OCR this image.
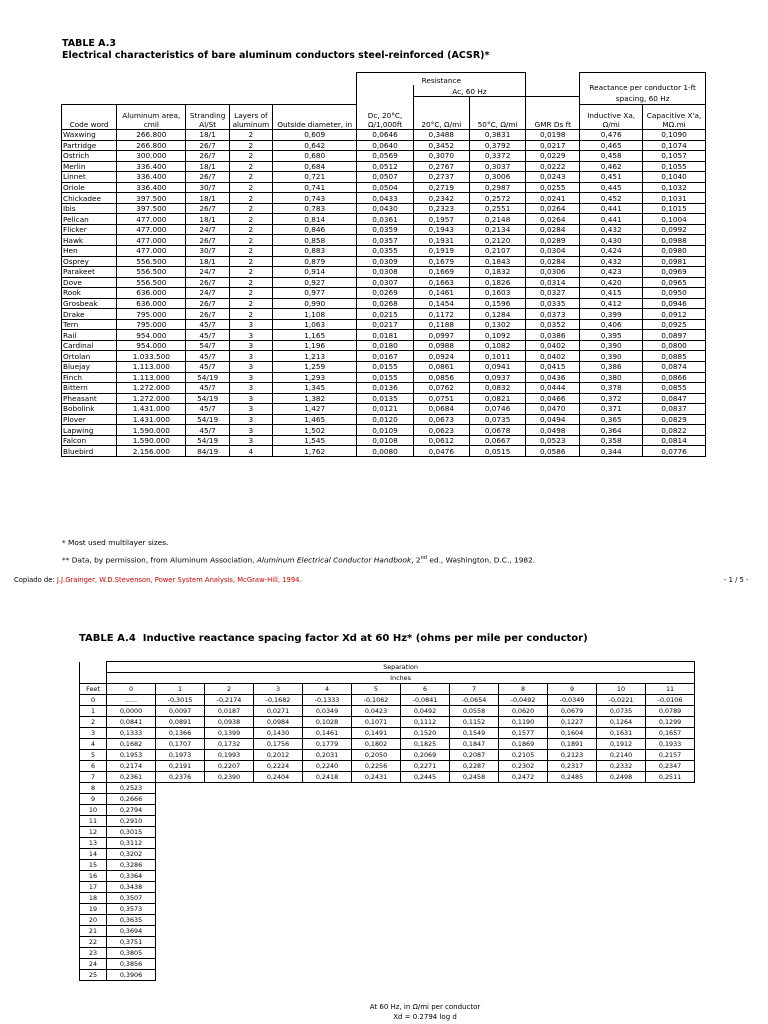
TABLE A.3
Electrical characteristics of bare aluminum conductors steel-reinforced (ACSR)*
					Resistance				Reactance per conductor 1-ft spacing, 60 Hz	
						Ac, 60 Hz				

Code word	Aluminum area, cmil	Stranding Al/St	Layers of aluminum	Outside diameter, in	Dc, 20°C, Ω/1,000ft	20°C, Ω/mi	50°C, Ω/mi	GMR Ds ft	Inductive Xa, Ω/mi	Capacitive X'a, MΩ.mi
Waxwing	266.800	18/1	2	0,609	0,0646	0,3488	0,3831	0,0198	0,476	0,1090
Partridge	266.800	26/7	2	0,642	0,0640	0,3452	0,3792	0,0217	0,465	0,1074
Ostrich	300.000	26/7	2	0,680	0,0569	0,3070	0,3372	0,0229	0,458	0,1057
Merlin	336.400	18/1	2	0,684	0,0512	0,2767	0,3037	0,0222	0,462	0,1055
Linnet	336.400	26/7	2	0,721	0,0507	0,2737	0,3006	0,0243	0,451	0,1040
Oriole	336.400	30/7	2	0,741	0,0504	0,2719	0,2987	0,0255	0,445	0,1032
Chickadee	397.500	18/1	2	0,743	0,0433	0,2342	0,2572	0,0241	0,452	0,1031
Ibis	397.500	26/7	2	0,783	0,0430	0,2323	0,2551	0,0264	0,441	0,1015
Pelican	477.000	18/1	2	0,814	0,0361	0,1957	0,2148	0,0264	0,441	0,1004
Flicker	477.000	24/7	2	0,846	0,0359	0,1943	0,2134	0,0284	0,432	0,0992
Hawk	477.000	26/7	2	0,858	0,0357	0,1931	0,2120	0,0289	0,430	0,0988
Hen	477.000	30/7	2	0,883	0,0355	0,1919	0,2107	0,0304	0,424	0,0980
Osprey	556.500	18/1	2	0,879	0,0309	0,1679	0,1843	0,0284	0,432	0,0981
Parakeet	556.500	24/7	2	0,914	0,0308	0,1669	0,1832	0,0306	0,423	0,0969
Dove	556.500	26/7	2	0,927	0,0307	0,1663	0,1826	0,0314	0,420	0,0965
Rook	636.000	24/7	2	0,977	0,0269	0,1461	0,1603	0,0327	0,415	0,0950
Grosbeak	636.000	26/7	2	0,990	0,0268	0,1454	0,1596	0,0335	0,412	0,0946
Drake	795.000	26/7	2	1,108	0,0215	0,1172	0,1284	0,0373	0,399	0,0912
Tern	795.000	45/7	3	1,063	0,0217	0,1188	0,1302	0,0352	0,406	0,0925
Rail	954.000	45/7	3	1,165	0,0181	0,0997	0,1092	0,0386	0,395	0,0897
Cardinal	954.000	54/7	3	1,196	0,0180	0,0988	0,1082	0,0402	0,390	0,0800
Ortolan	1.033.500	45/7	3	1,213	0,0167	0,0924	0,1011	0,0402	0,390	0,0885
Bluejay	1.113.000	45/7	3	1,259	0,0155	0,0861	0,0941	0,0415	0,386	0,0874
Finch	1.113.000	54/19	3	1,293	0,0155	0,0856	0,0937	0,0436	0,380	0,0866
Bittern	1.272.000	45/7	3	1,345	0,0136	0,0762	0,0832	0,0444	0,378	0,0855
Pheasant	1.272.000	54/19	3	1,382	0,0135	0,0751	0,0821	0,0466	0,372	0,0847
Bobolink	1.431.000	45/7	3	1,427	0,0121	0,0684	0,0746	0,0470	0,371	0,0837
Plover	1.431.000	54/19	3	1,465	0,0120	0,0673	0,0735	0,0494	0,365	0,0829
Lapwing	1.590.000	45/7	3	1,502	0,0109	0,0623	0,0678	0,0498	0,364	0,0822
Falcon	1.590.000	54/19	3	1,545	0,0108	0,0612	0,0667	0,0523	0,358	0,0814
Bluebird	2.156.000	84/19	4	1,762	0,0080	0,0476	0,0515	0,0586	0,344	0,0776
* Most used multilayer sizes.
** Data, by permission, from Aluminum Association, Aluminum Electrical Conductor Handbook, 2nd ed., Washington, D.C., 1982.
Copiado de: J.J.Grainger, W.D.Stevenson, Power System Analysis, McGraw-Hill, 1994.	- 1 / 5 -
TABLE A.4 Inductive reactance spacing factor Xd at 60 Hz* (ohms per mile per conductor)
	Separation											
	Inches											
Feet	0	1	2	3	4	5	6	7	8	9	10	11
0	......	-0,3015	-0,2174	-0,1682	-0,1333	-0,1062	-0,0841	-0,0654	-0,0492	-0,0349	-0,0221	-0,0106
1	0,0000	0,0097	0,0187	0,0271	0,0349	0,0423	0,0492	0,0558	0,0620	0,0679	0,0735	0,0789
2	0,0841	0,0891	0,0938	0,0984	0,1028	0,1071	0,1112	0,1152	0,1190	0,1227	0,1264	0,1299
3	0,1333	0,1366	0,1399	0,1430	0,1461	0,1491	0,1520	0,1549	0,1577	0,1604	0,1631	0,1657
4	0,1682	0,1707	0,1732	0,1756	0,1779	0,1802	0,1825	0,1847	0,1869	0,1891	0,1912	0,1933
5	0,1953	0,1973	0,1993	0,2012	0,2031	0,2050	0,2069	0,2087	0,2105	0,2123	0,2140	0,2157
6	0,2174	0,2191	0,2207	0,2224	0,2240	0,2256	0,2271	0,2287	0,2302	0,2317	0,2332	0,2347
7	0,2361	0,2376	0,2390	0,2404	0,2418	0,2431	0,2445	0,2458	0,2472	0,2485	0,2498	0,2511
8	0,2523											
9	0,2666											
10	0,2794											
11	0,2910											
12	0,3015											
13	0,3112											
14	0,3202											
15	0,3286											
16	0,3364											
17	0,3438											
18	0,3507											
19	0,3573											
20	0,3635											
21	0,3694											
22	0,3751											
23	0,3805											
24	0,3856											
25	0,3906											
At 60 Hz, in Ω/mi per conductor
Xd = 0.2794 log d
